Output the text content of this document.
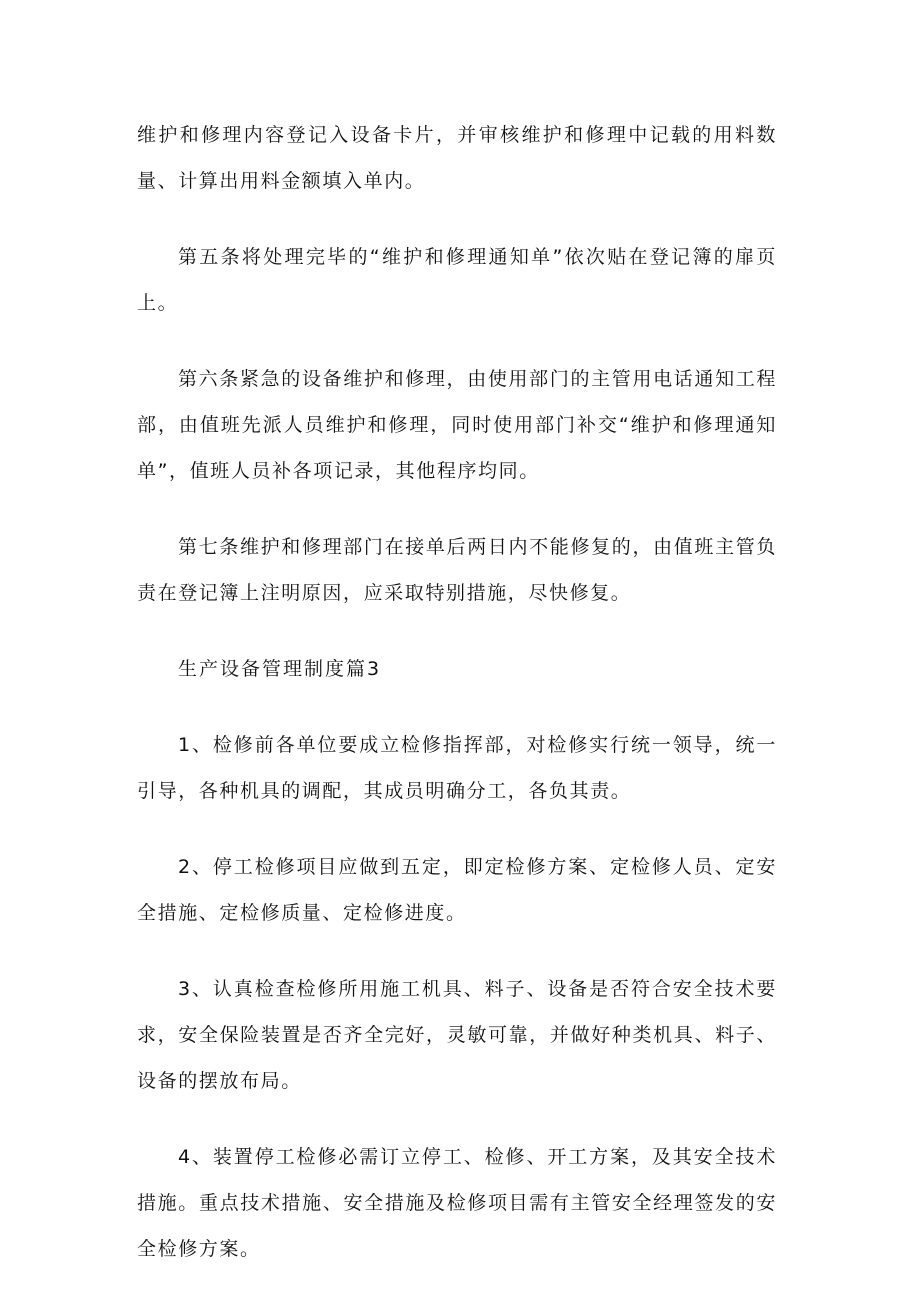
维护和修理内容登记入设备卡片，并审核维护和修理中记载的用料数量、计算出用料金额填入单内。

第五条将处理完毕的“维护和修理通知单”依次贴在登记簿的扉页上。

第六条紧急的设备维护和修理，由使用部门的主管用电话通知工程部，由值班先派人员维护和修理，同时使用部门补交“维护和修理通知单”，值班人员补各项记录，其他程序均同。

第七条维护和修理部门在接单后两日内不能修复的，由值班主管负责在登记簿上注明原因，应采取特别措施，尽快修复。

生产设备管理制度篇3

1、检修前各单位要成立检修指挥部，对检修实行统一领导，统一引导，各种机具的调配，其成员明确分工，各负其责。

2、停工检修项目应做到五定，即定检修方案、定检修人员、定安全措施、定检修质量、定检修进度。

3、认真检查检修所用施工机具、料子、设备是否符合安全技术要求，安全保险装置是否齐全完好，灵敏可靠，并做好种类机具、料子、设备的摆放布局。

4、装置停工检修必需订立停工、检修、开工方案，及其安全技术措施。重点技术措施、安全措施及检修项目需有主管安全经理签发的安全检修方案。
